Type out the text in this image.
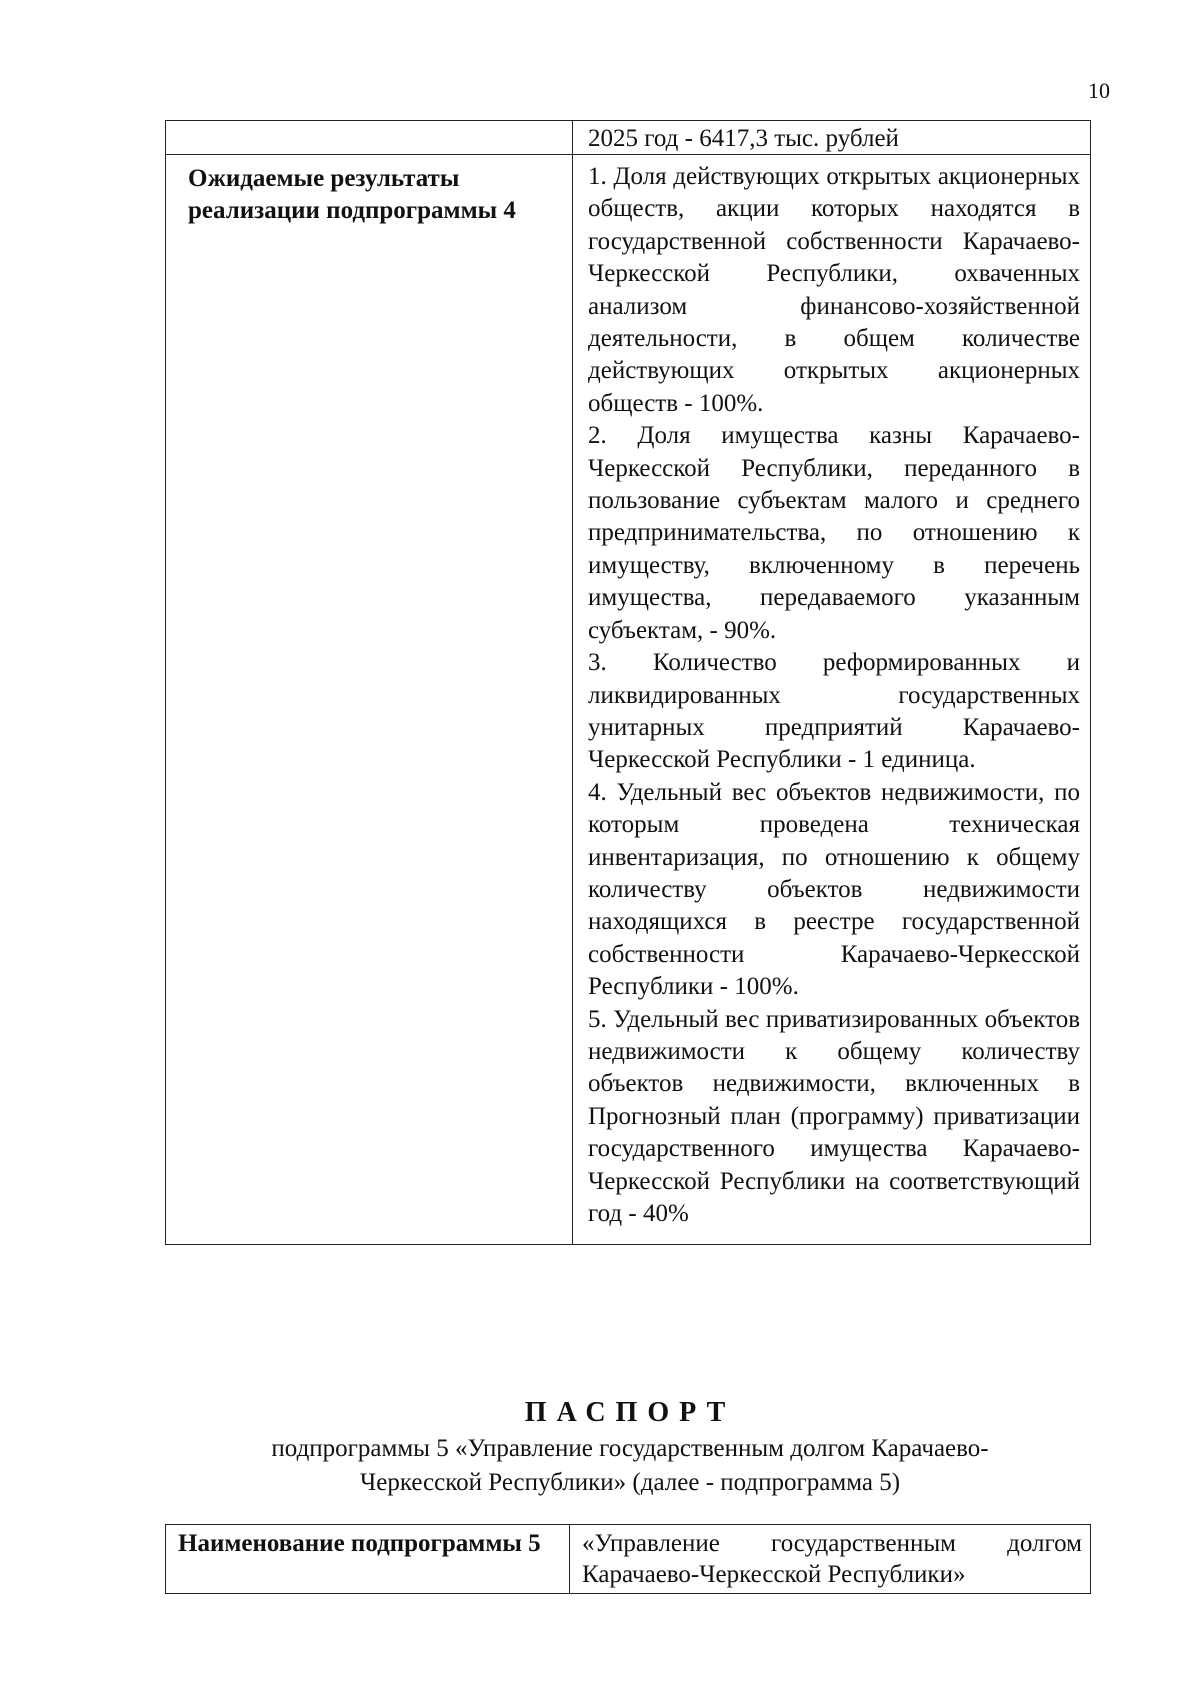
10
	2025 год - 6417,3 тыс. рублей
Ожидаемые результаты реализации подпрограммы 4	1. Доля действующих открытых акционерных обществ, акции которых находятся в государственной собственности Карачаево-Черкесской Республики, охваченных анализом финансово-хозяйственной деятельности, в общем количестве действующих открытых акционерных обществ - 100%.
2. Доля имущества казны Карачаево-Черкесской Республики, переданного в пользование субъектам малого и среднего предпринимательства, по отношению к имуществу, включенному в перечень имущества, передаваемого указанным субъектам, - 90%.
3. Количество реформированных и ликвидированных государственных унитарных предприятий Карачаево-Черкесской Республики - 1 единица.
4. Удельный вес объектов недвижимости, по которым проведена техническая инвентаризация, по отношению к общему количеству объектов недвижимости находящихся в реестре государственной собственности Карачаево-Черкесской Республики - 100%.
5. Удельный вес приватизированных объектов недвижимости к общему количеству объектов недвижимости, включенных в Прогнозный план (программу) приватизации государственного имущества Карачаево-Черкесской Республики на соответствующий год - 40%
ПАСПОРТ
подпрограммы 5 «Управление государственным долгом Карачаево-Черкесской Республики» (далее - подпрограмма 5)
Наименование подпрограммы 5	«Управление государственным долгом Карачаево-Черкесской Республики»
